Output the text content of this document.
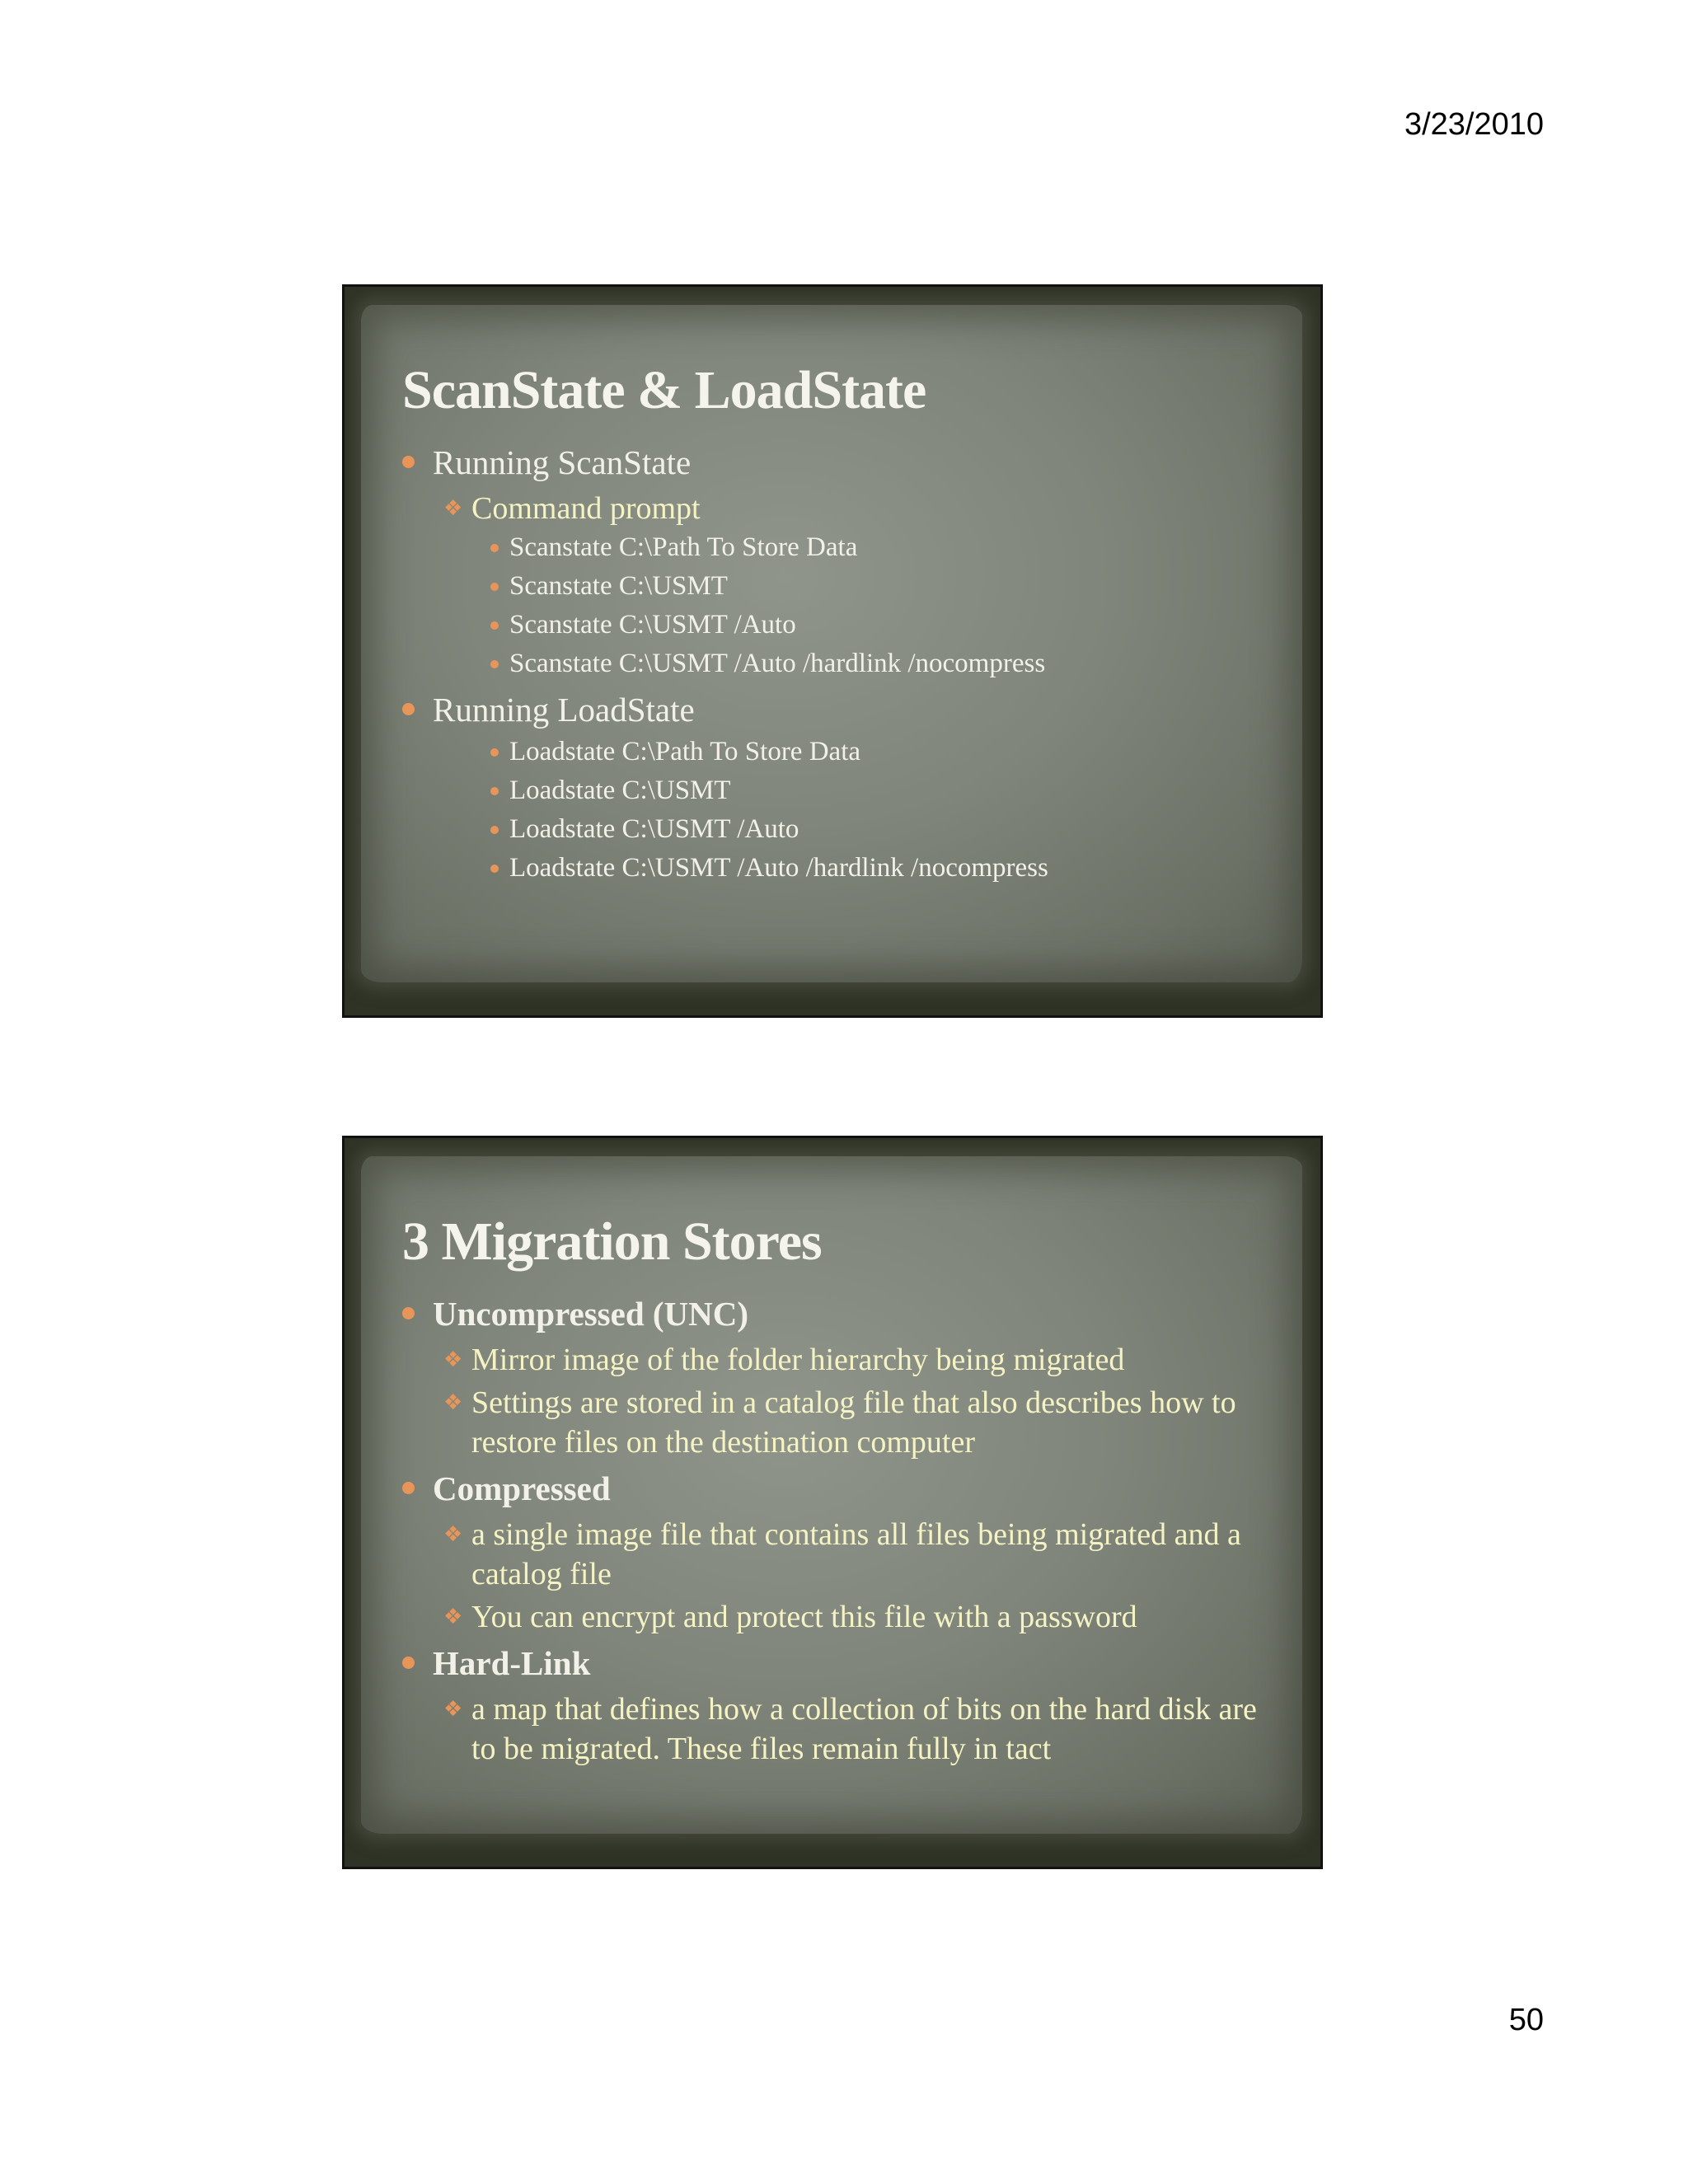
3/23/2010
ScanState & LoadState
Running ScanState
❖ Command prompt
Scanstate C:\Path To Store Data
Scanstate C:\USMT
Scanstate C:\USMT /Auto
Scanstate C:\USMT /Auto /hardlink /nocompress
Running LoadState
Loadstate C:\Path To Store Data
Loadstate C:\USMT
Loadstate C:\USMT /Auto
Loadstate C:\USMT /Auto /hardlink /nocompress
3 Migration Stores
Uncompressed (UNC)
❖ Mirror image of the folder hierarchy being migrated
❖ Settings are stored in a catalog file that also describes how to restore files on the destination computer
Compressed
❖ a single image file that contains all files being migrated and a catalog file
❖ You can encrypt and protect this file with a password
Hard-Link
❖ a map that defines how a collection of bits on the hard disk are to be migrated. These files remain fully in tact
50
